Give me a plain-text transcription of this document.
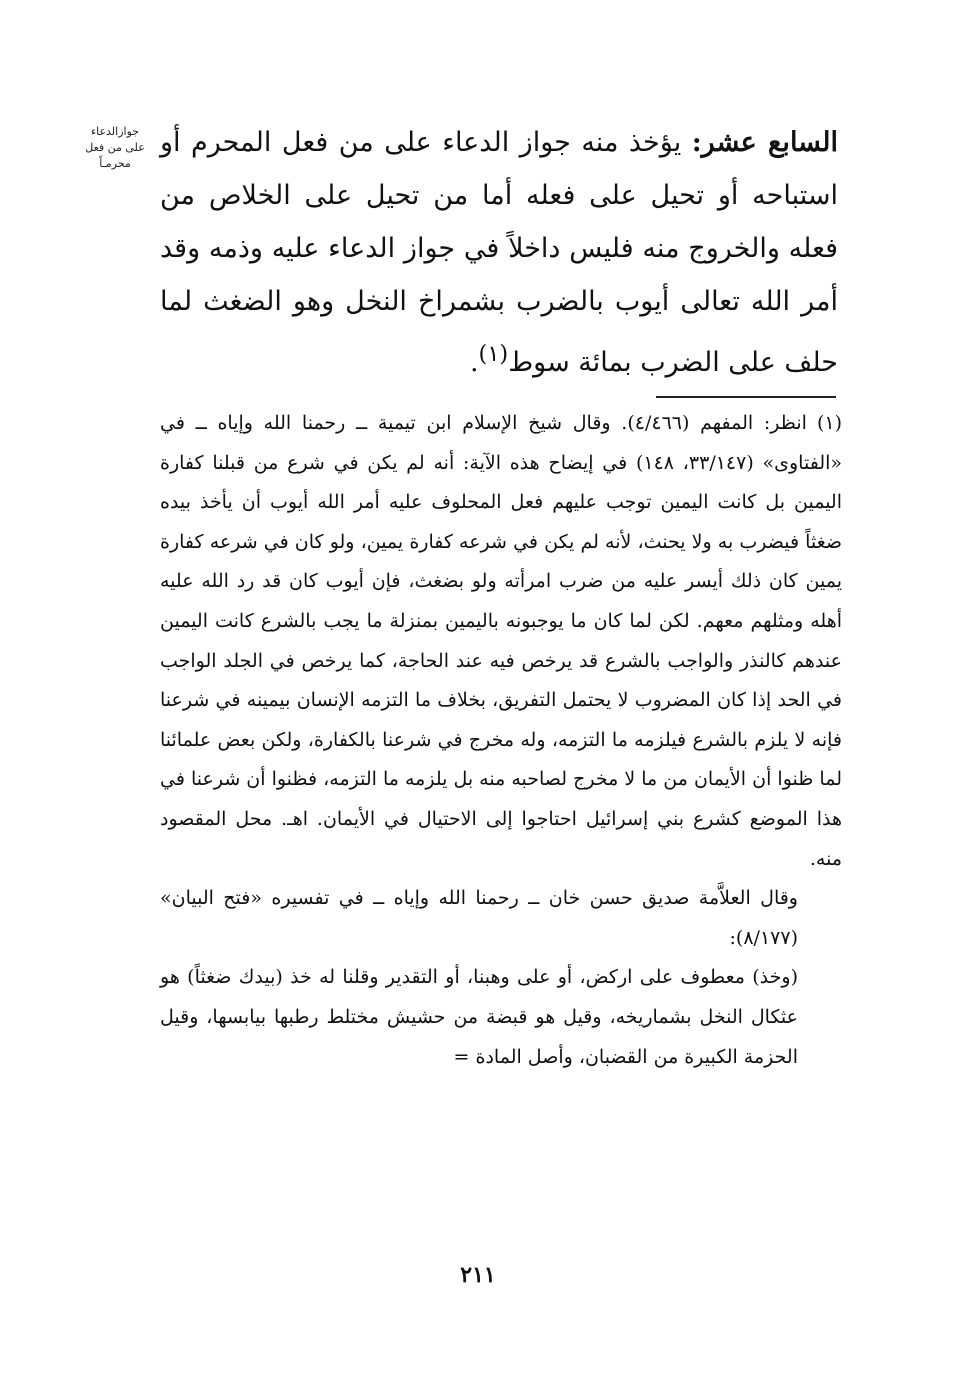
جوازالدعاء
على من فعل
محرمـاً
السابع عشر: يؤخذ منه جواز الدعاء على من فعل المحرم أو استباحه أو تحيل على فعله أما من تحيل على الخلاص من فعله والخروج منه فليس داخلاً في جواز الدعاء عليه وذمه وقد أمر الله تعالى أيوب بالضرب بشمراخ النخل وهو الضغث لما حلف على الضرب بمائة سوط$^{(١)}$.

(١)انظر: المفهم (٤/٤٦٦). وقال شيخ الإسلام ابن تيمية ــ رحمنا الله وإياه ــ في «الفتاوى» (٣٣/١٤٧، ١٤٨) في إيضاح هذه الآية: أنه لم يكن في شرع من قبلنا كفارة اليمين بل كانت اليمين توجب عليهم فعل المحلوف عليه أمر الله أيوب أن يأخذ بيده ضغثاً فيضرب به ولا يحنث، لأنه لم يكن في شرعه كفارة يمين، ولو كان في شرعه كفارة يمين كان ذلك أيسر عليه من ضرب امرأته ولو بضغث، فإن أيوب كان قد رد الله عليه أهله ومثلهم معهم. لكن لما كان ما يوجبونه باليمين بمنزلة ما يجب بالشرع كانت اليمين عندهم كالنذر والواجب بالشرع قد يرخص فيه عند الحاجة، كما يرخص في الجلد الواجب في الحد إذا كان المضروب لا يحتمل التفريق، بخلاف ما التزمه الإنسان بيمينه في شرعنا فإنه لا يلزم بالشرع فيلزمه ما التزمه، وله مخرج في شرعنا بالكفارة، ولكن بعض علمائنا لما ظنوا أن الأيمان من ما لا مخرج لصاحبه منه بل يلزمه ما التزمه، فظنوا أن شرعنا في هذا الموضع كشرع بني إسرائيل احتاجوا إلى الاحتيال في الأيمان. اهـ. محل المقصود منه.

وقال العلاَّمة صديق حسن خان ــ رحمنا الله وإياه ــ في تفسيره «فتح البيان» (٨/١٧٧):

(وخذ) معطوف على اركض، أو على وهبنا، أو التقدير وقلنا له خذ (بيدك ضغثاً) هو عثكال النخل بشماريخه، وقيل هو قبضة من حشيش مختلط رطبها بيابسها، وقيل الحزمة الكبيرة من القضبان، وأصل المادة =

٢١١
